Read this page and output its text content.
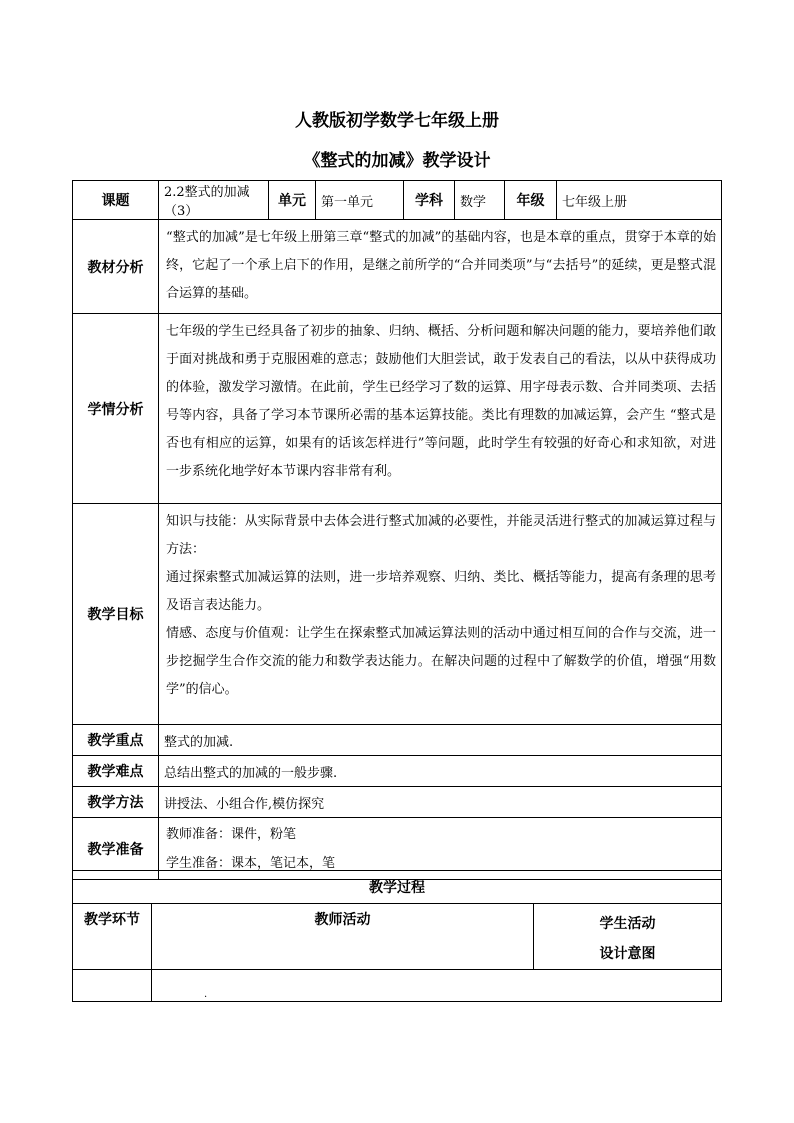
人教版初学数学七年级上册
《整式的加减》教学设计
课题	2.2整式的加减（3）	单元	第一单元	学科	数学	年级	七年级上册
教材分析	“整式的加减”是七年级上册第三章“整式的加减”的基础内容，也是本章的重点，贯穿于本章的始终，它起了一个承上启下的作用，是继之前所学的“合并同类项”与“去括号”的延续，更是整式混合运算的基础。						
学情分析	七年级的学生已经具备了初步的抽象、归纳、概括、分析问题和解决问题的能力，要培养他们敢于面对挑战和勇于克服困难的意志；鼓励他们大胆尝试，敢于发表自己的看法，以从中获得成功的体验，激发学习激情。在此前，学生已经学习了数的运算、用字母表示数、合并同类项、去括号等内容，具备了学习本节课所必需的基本运算技能。类比有理数的加减运算，会产生 “整式是否也有相应的运算，如果有的话该怎样进行”等问题，此时学生有较强的好奇心和求知欲，对进一步系统化地学好本节课内容非常有利。						
教学目标	知识与技能：从实际背景中去体会进行整式加减的必要性，并能灵活进行整式的加减运算过程与方法：
通过探索整式加减运算的法则，进一步培养观察、归纳、类比、概括等能力，提高有条理的思考及语言表达能力。
情感、态度与价值观：让学生在探索整式加减运算法则的活动中通过相互间的合作与交流，进一步挖掘学生合作交流的能力和数学表达能力。在解决问题的过程中了解数学的价值，增强“用数学”的信心。						

教学重点	整式的加减.						
教学难点	总结出整式的加减的一般步骤.						
教学方法	讲授法、小组合作,模仿探究						
教学准备	教师准备：课件，粉笔
学生准备：课本，笔记本，笔						
教学过程		
教学环节	教师活动	学生活动
设计意图

	.	
